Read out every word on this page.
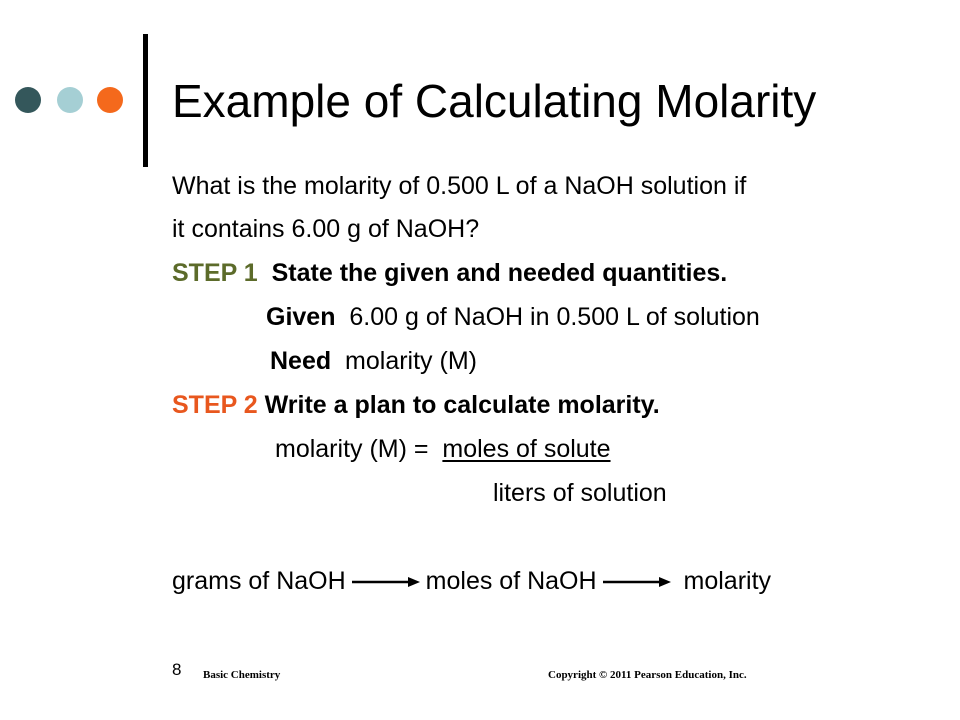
Example of Calculating Molarity
What is the molarity of 0.500 L of a NaOH solution if
it contains 6.00 g of NaOH?
STEP 1 State the given and needed quantities.
Given 6.00 g of NaOH in 0.500 L of solution
Need molarity (M)
STEP 2 Write a plan to calculate molarity.
molarity (M) =  moles of solute
liters of solution
grams of NaOH	moles of NaOH	molarity
8 Basic Chemistry	Copyright © 2011 Pearson Education, Inc.
